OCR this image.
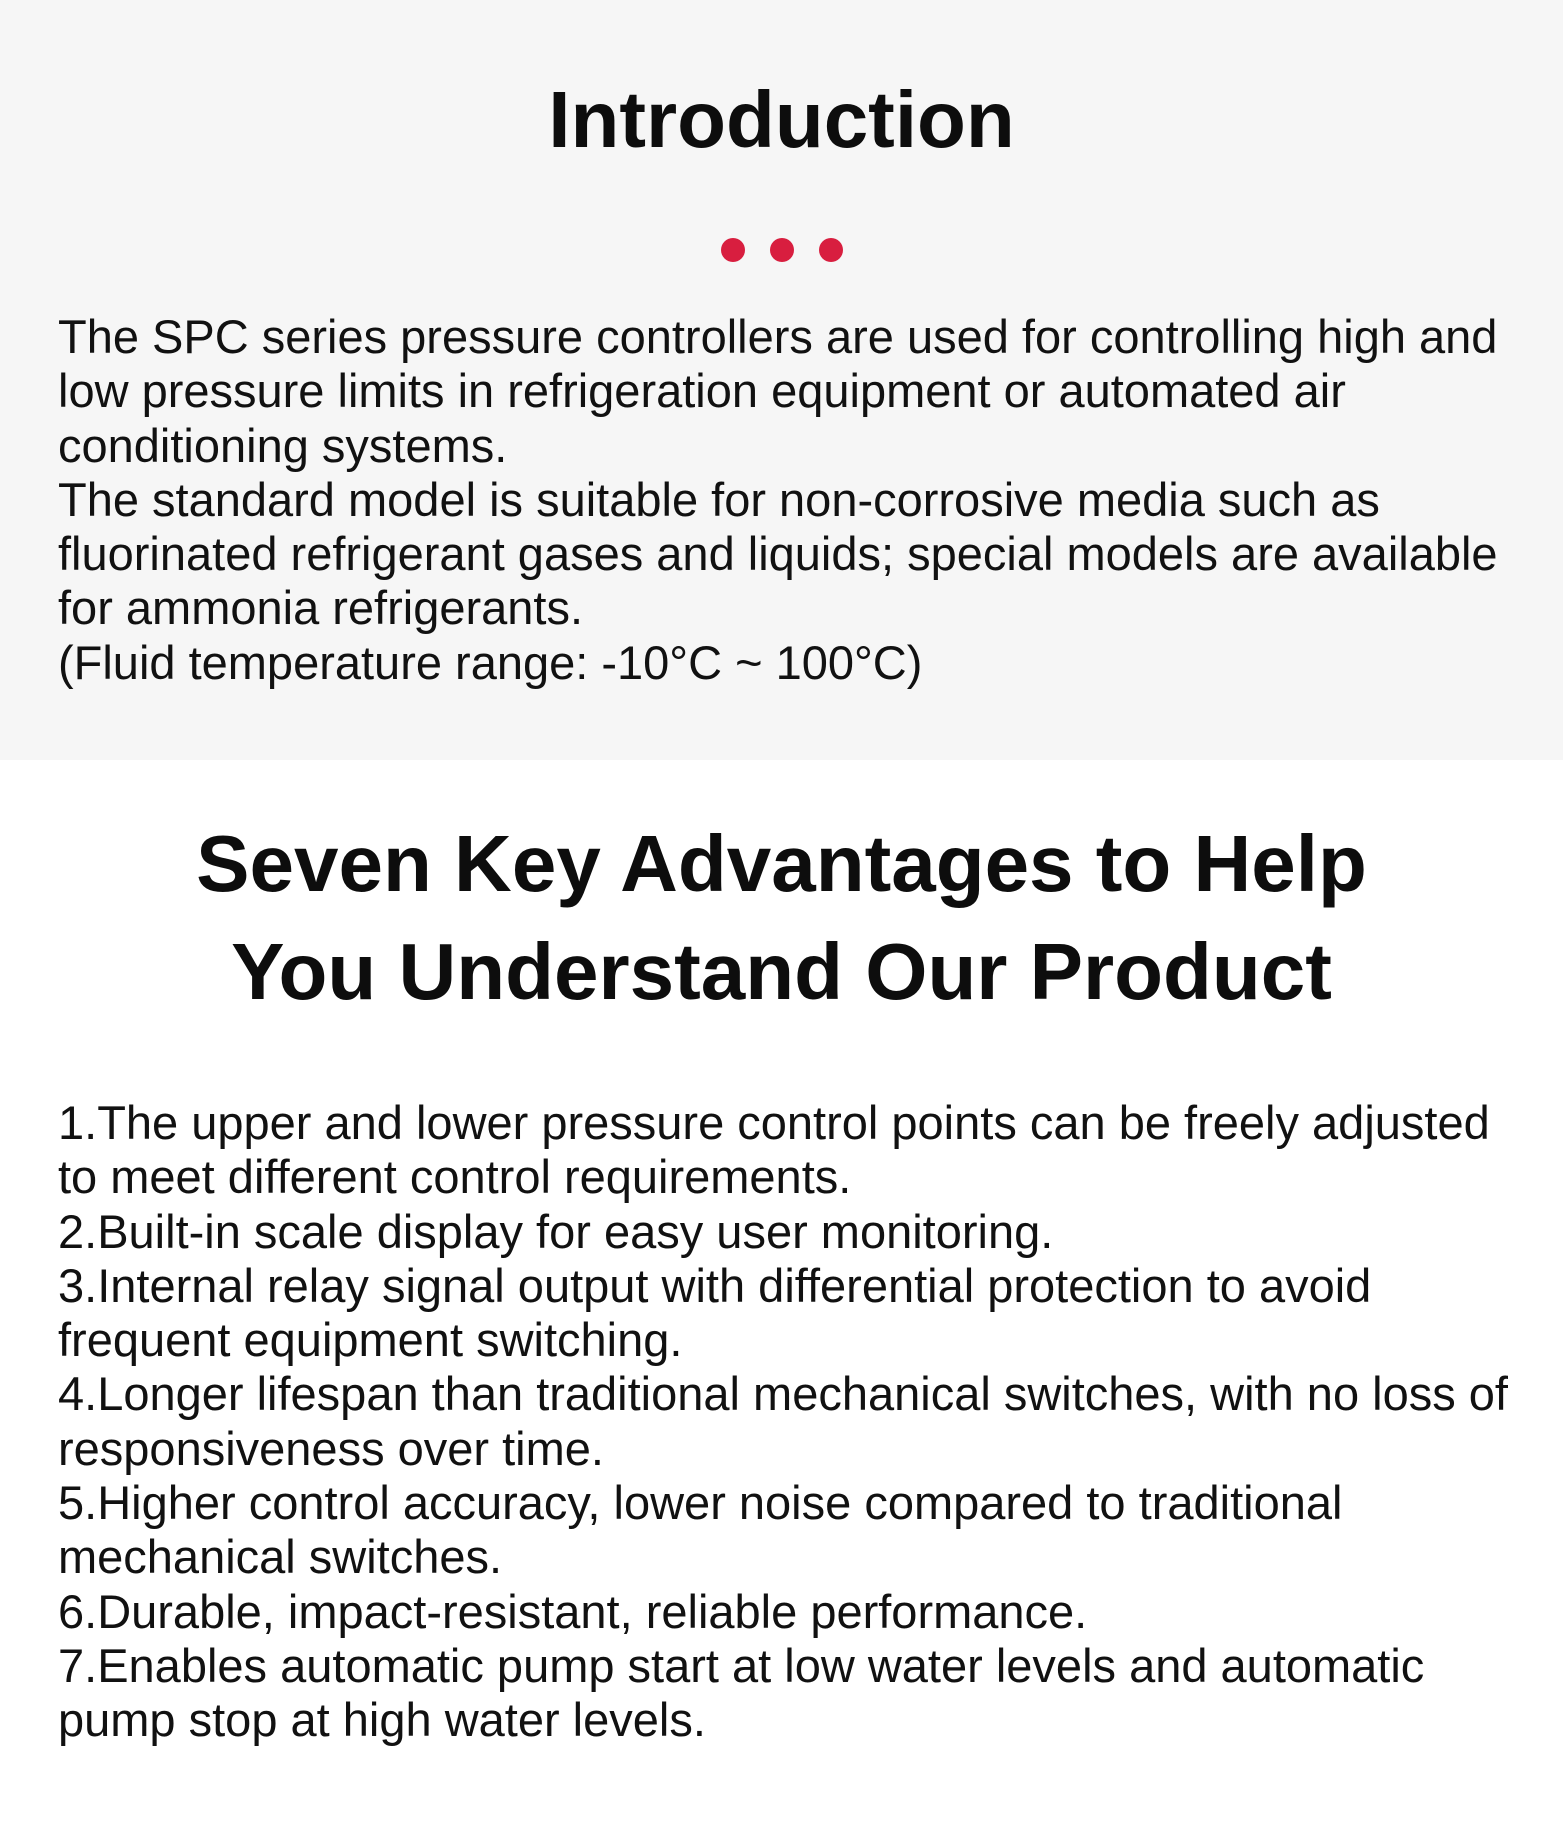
Introduction

The SPC series pressure controllers are used for controlling high and low pressure limits in refrigeration equipment or automated air conditioning systems.

The standard model is suitable for non-corrosive media such as fluorinated refrigerant gases and liquids; special models are available for ammonia refrigerants.

(Fluid temperature range: -10°C ~ 100°C)

Seven Key Advantages to Help
You Understand Our Product
1.The upper and lower pressure control points can be freely adjusted to meet different control requirements.
2.Built-in scale display for easy user monitoring.
3.Internal relay signal output with differential protection to avoid frequent equipment switching.
4.Longer lifespan than traditional mechanical switches, with no loss of responsiveness over time.
5.Higher control accuracy, lower noise compared to traditional mechanical switches.
6.Durable, impact-resistant, reliable performance.
7.Enables automatic pump start at low water levels and automatic pump stop at high water levels.
